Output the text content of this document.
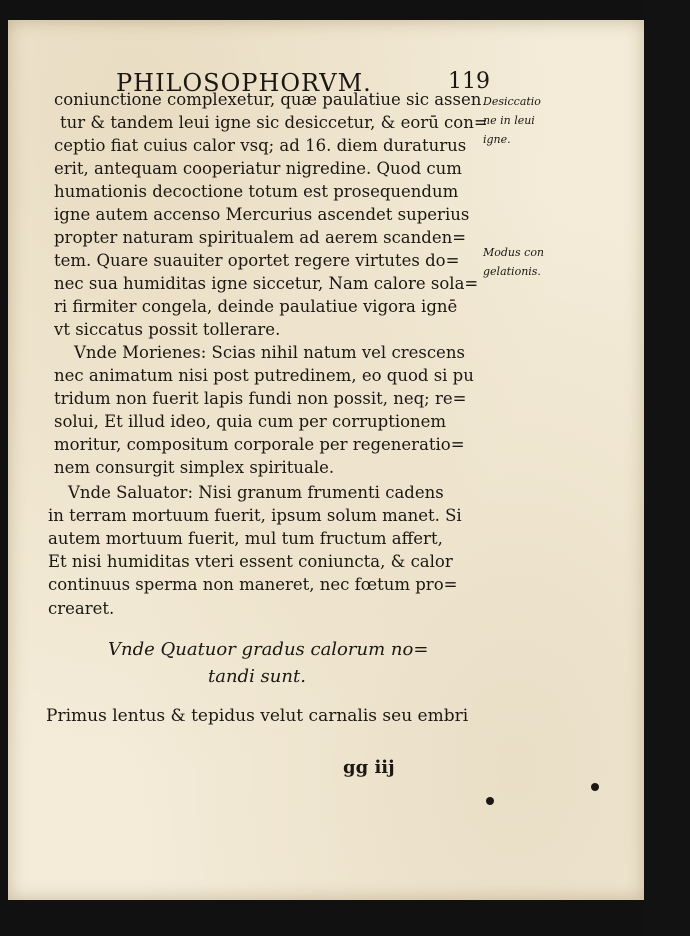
PHILOSOPHORVM.	119
coniunctione complexetur, quæ paulatiue sic assen
tur & tandem leui igne sic desiccetur, & eorū con=
ceptio fiat cuius calor vsq; ad 16. diem duraturus
erit, antequam cooperiatur nigredine. Quod cum
humationis decoctione totum est prosequendum
igne autem accenso Mercurius ascendet superius
propter naturam spiritualem ad aerem scanden=
tem. Quare suauiter oportet regere virtutes do=
nec sua humiditas igne siccetur, Nam calore sola=
ri firmiter congela, deinde paulatiue vigora ignē
vt siccatus possit tollerare.
Vnde Morienes: Scias nihil natum vel crescens
nec animatum nisi post putredinem, eo quod si pu
tridum non fuerit lapis fundi non possit, neq; re=
solui, Et illud ideo, quia cum per corruptionem
moritur, compositum corporale per regeneratio=
nem consurgit simplex spirituale.
Vnde Saluator: Nisi granum frumenti cadens
in terram mortuum fuerit, ipsum solum manet. Si
autem mortuum fuerit, mul tum fructum affert,
Et nisi humiditas vteri essent coniuncta, & calor
continuus sperma non maneret, nec fœtum pro=
crearet.
Desiccatio
ne in leui
igne.
Modus con
gelationis.
Vnde Quatuor gradus calorum no=
tandi sunt.
Primus lentus & tepidus velut carnalis seu embri
gg iij
